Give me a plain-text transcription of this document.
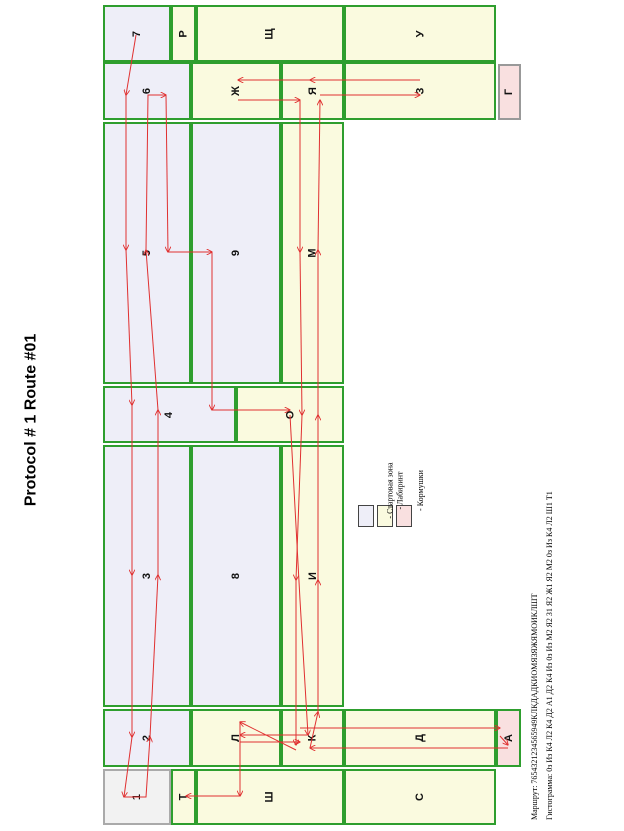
Protocol # 1 Route #01
7	Р	Щ	У
6	Ж	Я	З	Г
5	9	М
4	О
3	8	И
2	Л	К	Д	А
1	Т	Ш	С
- Стартовая зона - Лабиринт - Кормушки
Маршрут: 7654321234565949КЛКДАДКИОМЯЗЯЖЯМОИКЛШТ Гистограмма: 0з Из К4 Л2 К4 Д2 А1 Д2 К4 Из 0з Из М2 Я2 З1 Я2 Ж1 Я2 М2 0з Из К4 Л2 Ш1 Т1
